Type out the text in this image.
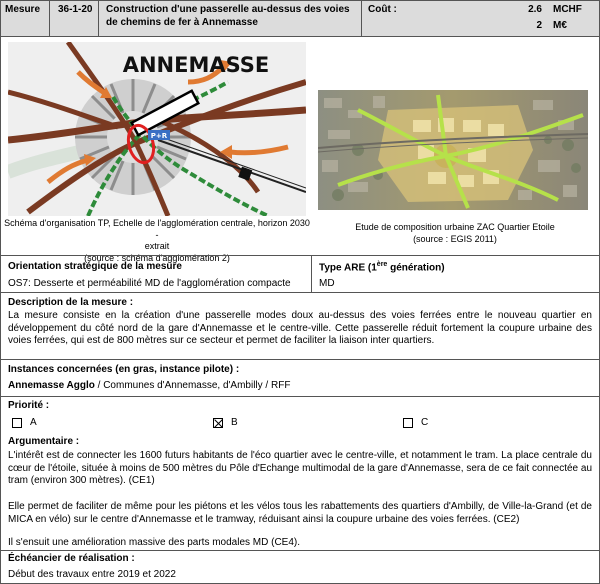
Mesure 36-1-20 Construction d'une passerelle au-dessus des voies de chemins de fer à Annemasse
Coût :	2.6 MCHF
2 M€
P+R
ANNEMASSE
Schéma d'organisation TP, Echelle de l'agglomération centrale, horizon 2030 -
extrait
(source : schéma d'agglomération 2)
Etude de composition urbaine ZAC Quartier Etoile
(source : EGIS 2011)
Orientation stratégique de la mesure
OS7: Desserte et perméabilité MD de l'agglomération compacte
Type ARE (1ère génération)
MD
Description de la mesure :
La mesure consiste en la création d'une passerelle modes doux au-dessus des voies ferrées entre le nouveau quartier en développement du côté nord de la gare d'Annemasse et le centre-ville. Cette passerelle réduit fortement la coupure urbaine des voies ferrées, qui est de 800 mètres sur ce secteur et permet de faciliter la liaison inter quartiers.
Instances concernées (en gras, instance pilote) :
Annemasse Agglo / Communes d'Annemasse, d'Ambilly / RFF
Priorité :
A	B	C
Argumentaire :
L'intérêt est de connecter les 1600 futurs habitants de l'éco quartier avec le centre-ville, et notamment le tram. La place centrale du cœur de l'étoile, située à moins de 500 mètres du Pôle d'Echange multimodal de la gare d'Annemasse, sera de ce fait connectée au tram (environ 300 mètres). (CE1)
Elle permet de faciliter de même pour les piétons et les vélos tous les rabattements des quartiers d'Ambilly, de Ville-la-Grand (et de MICA en vélo) sur le centre d'Annemasse et le tramway, réduisant ainsi la coupure urbaine des voies ferrées. (CE2)
Il s'ensuit une amélioration massive des parts modales MD (CE4).
Échéancier de réalisation :
Début des travaux entre 2019 et 2022
